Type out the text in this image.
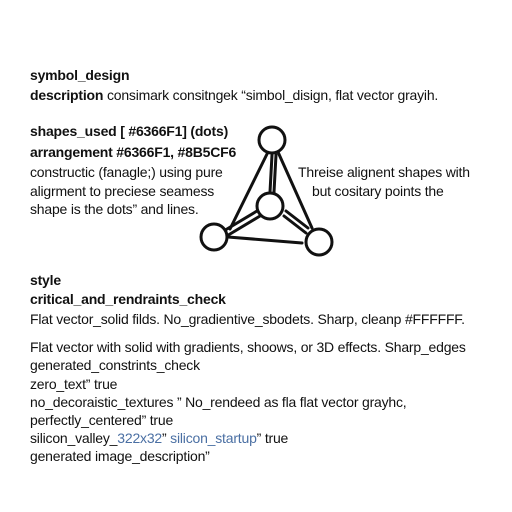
symbol_design
description consimark consitngek “simbol_disign, flat vector grayih.
shapes_used [ #6366F1] (dots)
arrangement #6366F1, #8B5CF6
constructic (fanagle;) using pure
aligrment to preciese seamess
shape is the dots” and lines.
Threise alignent shapes with
but cositary points the
style
critical_and_rendraints_check
Flat vector_solid filds. No_gradientive_sbodets. Sharp, cleanp #FFFFFF.
Flat vector with solid with gradients, shoows, or 3D effects. Sharp_edges
generated_constrints_check
zero_text” true
no_decoraistic_textures ” No_rendeed as fla flat vector grayhc,
perfectly_centered” true
silicon_valley_322x32” silicon_startup” true
generated image_description”
